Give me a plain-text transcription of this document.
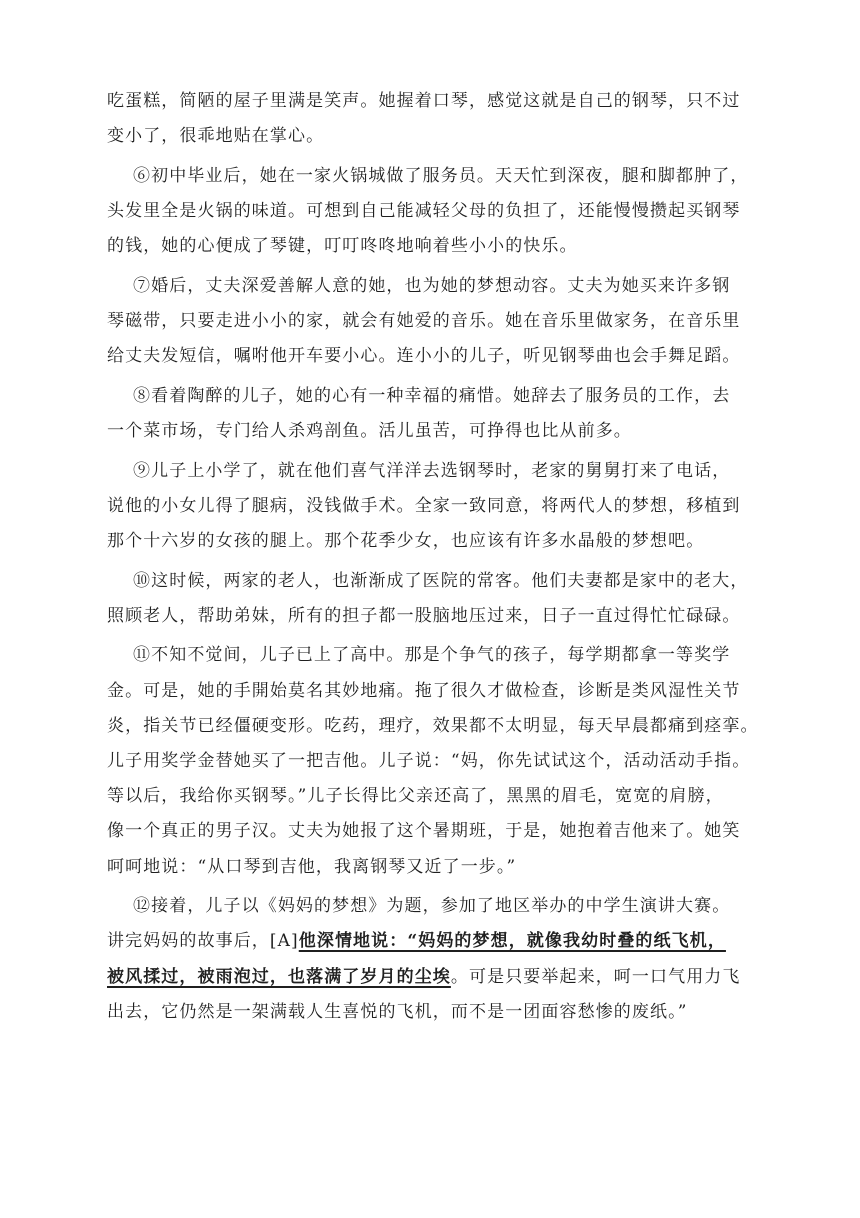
吃蛋糕，简陋的屋子里满是笑声。她握着口琴，感觉这就是自己的钢琴，只不过
变小了，很乖地贴在掌心。
⑥初中毕业后，她在一家火锅城做了服务员。天天忙到深夜，腿和脚都肿了，
头发里全是火锅的味道。可想到自己能减轻父母的负担了，还能慢慢攒起买钢琴
的钱，她的心便成了琴键，叮叮咚咚地响着些小小的快乐。
⑦婚后，丈夫深爱善解人意的她，也为她的梦想动容。丈夫为她买来许多钢
琴磁带，只要走进小小的家，就会有她爱的音乐。她在音乐里做家务，在音乐里
给丈夫发短信，嘱咐他开车要小心。连小小的儿子，听见钢琴曲也会手舞足蹈。
⑧看着陶醉的儿子，她的心有一种幸福的痛惜。她辞去了服务员的工作，去
一个菜市场，专门给人杀鸡剖鱼。活儿虽苦，可挣得也比从前多。
⑨儿子上小学了，就在他们喜气洋洋去选钢琴时，老家的舅舅打来了电话，
说他的小女儿得了腿病，没钱做手术。全家一致同意，将两代人的梦想，移植到
那个十六岁的女孩的腿上。那个花季少女，也应该有许多水晶般的梦想吧。
⑩这时候，两家的老人，也渐渐成了医院的常客。他们夫妻都是家中的老大，
照顾老人，帮助弟妹，所有的担子都一股脑地压过来，日子一直过得忙忙碌碌。
⑪不知不觉间，儿子已上了高中。那是个争气的孩子，每学期都拿一等奖学
金。可是，她的手開始莫名其妙地痛。拖了很久才做检查，诊断是类风湿性关节
炎，指关节已经僵硬变形。吃药，理疗，效果都不太明显，每天早晨都痛到痉挛。
儿子用奖学金替她买了一把吉他。儿子说：“妈，你先试试这个，活动活动手指。
等以后，我给你买钢琴。”儿子长得比父亲还高了，黑黑的眉毛，宽宽的肩膀，
像一个真正的男子汉。丈夫为她报了这个暑期班，于是，她抱着吉他来了。她笑
呵呵地说：“从口琴到吉他，我离钢琴又近了一步。”
⑫接着，儿子以《妈妈的梦想》为题，参加了地区举办的中学生演讲大赛。
讲完妈妈的故事后，[A]他深情地说：“妈妈的梦想，就像我幼时叠的纸飞机，
被风揉过，被雨泡过，也落满了岁月的尘埃。可是只要举起来，呵一口气用力飞
出去，它仍然是一架满载人生喜悦的飞机，而不是一团面容愁惨的废纸。”
